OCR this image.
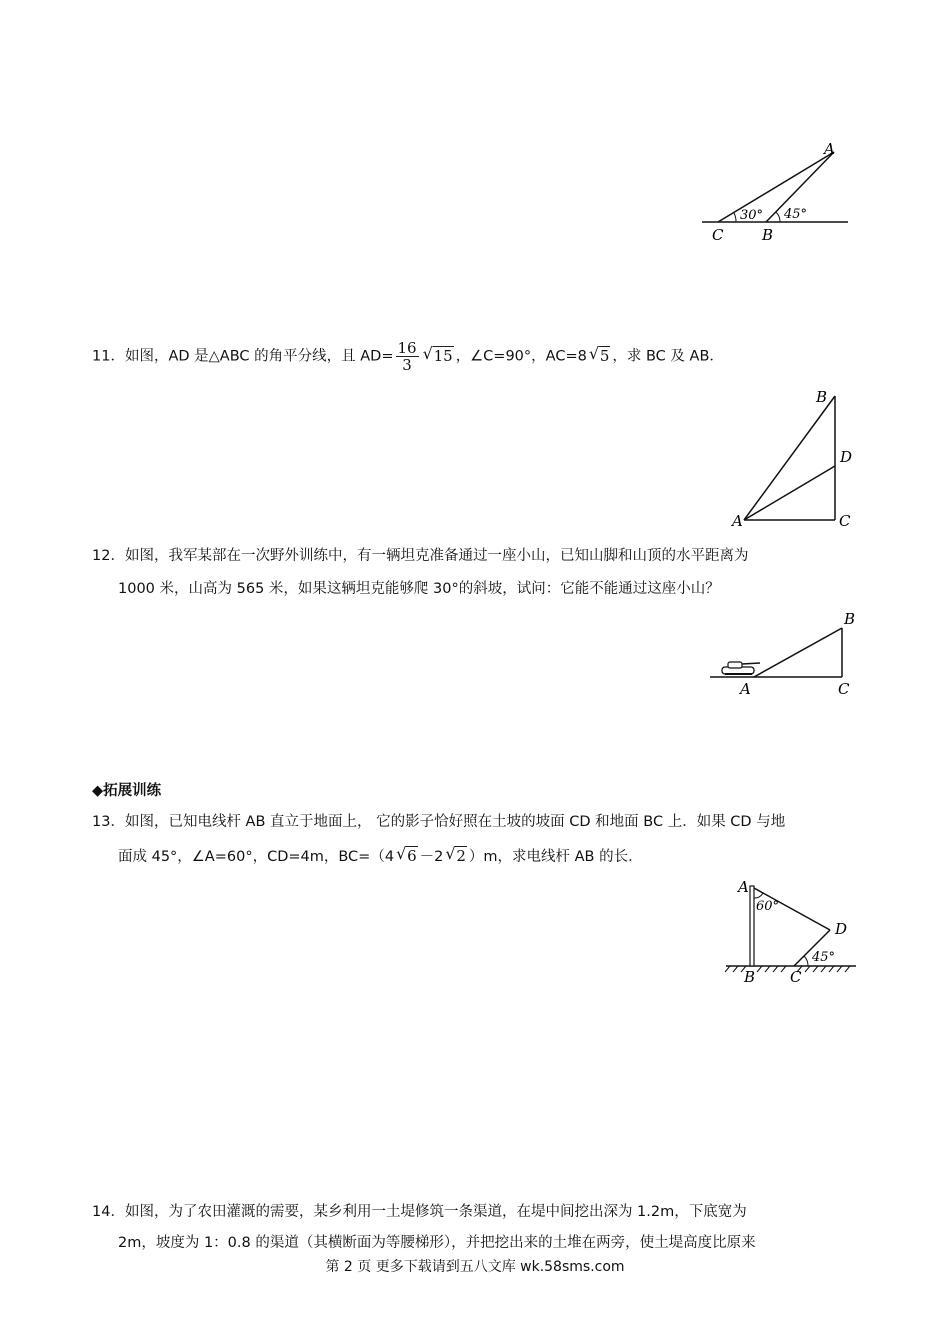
A
C	B
30° 45°
11．如图，AD 是△ABC 的角平分线，且 $AD= \frac{16}{3}$ √ 15 ，∠C=90°，AC=8 √ 5 ，求 BC 及 AB．
B
D
A	C
12．如图，我军某部在一次野外训练中，有一辆坦克准备通过一座小山，已知山脚和山顶的水平距离为
1000 米，山高为 565 米，如果这辆坦克能够爬 30°的斜坡，试问：它能不能通过这座小山？
B
A	C
◆拓展训练
13．如图，已知电线杆 AB 直立于地面上， 它的影子恰好照在土坡的坡面 CD 和地面 BC 上．如果 CD 与地
面成 45°，∠A=60°，CD=4m，BC=（4 √ 6 －2 √ 2 ）m，求电线杆 AB 的长．
A
60°
D
45°
B C
14．如图，为了农田灌溉的需要，某乡利用一土堤修筑一条渠道，在堤中间挖出深为 1.2m，下底宽为
2m，坡度为 1：0.8 的渠道（其横断面为等腰梯形），并把挖出来的土堆在两旁，使土堤高度比原来
第 2 页 更多下载请到五八文库 wk.58sms.com
